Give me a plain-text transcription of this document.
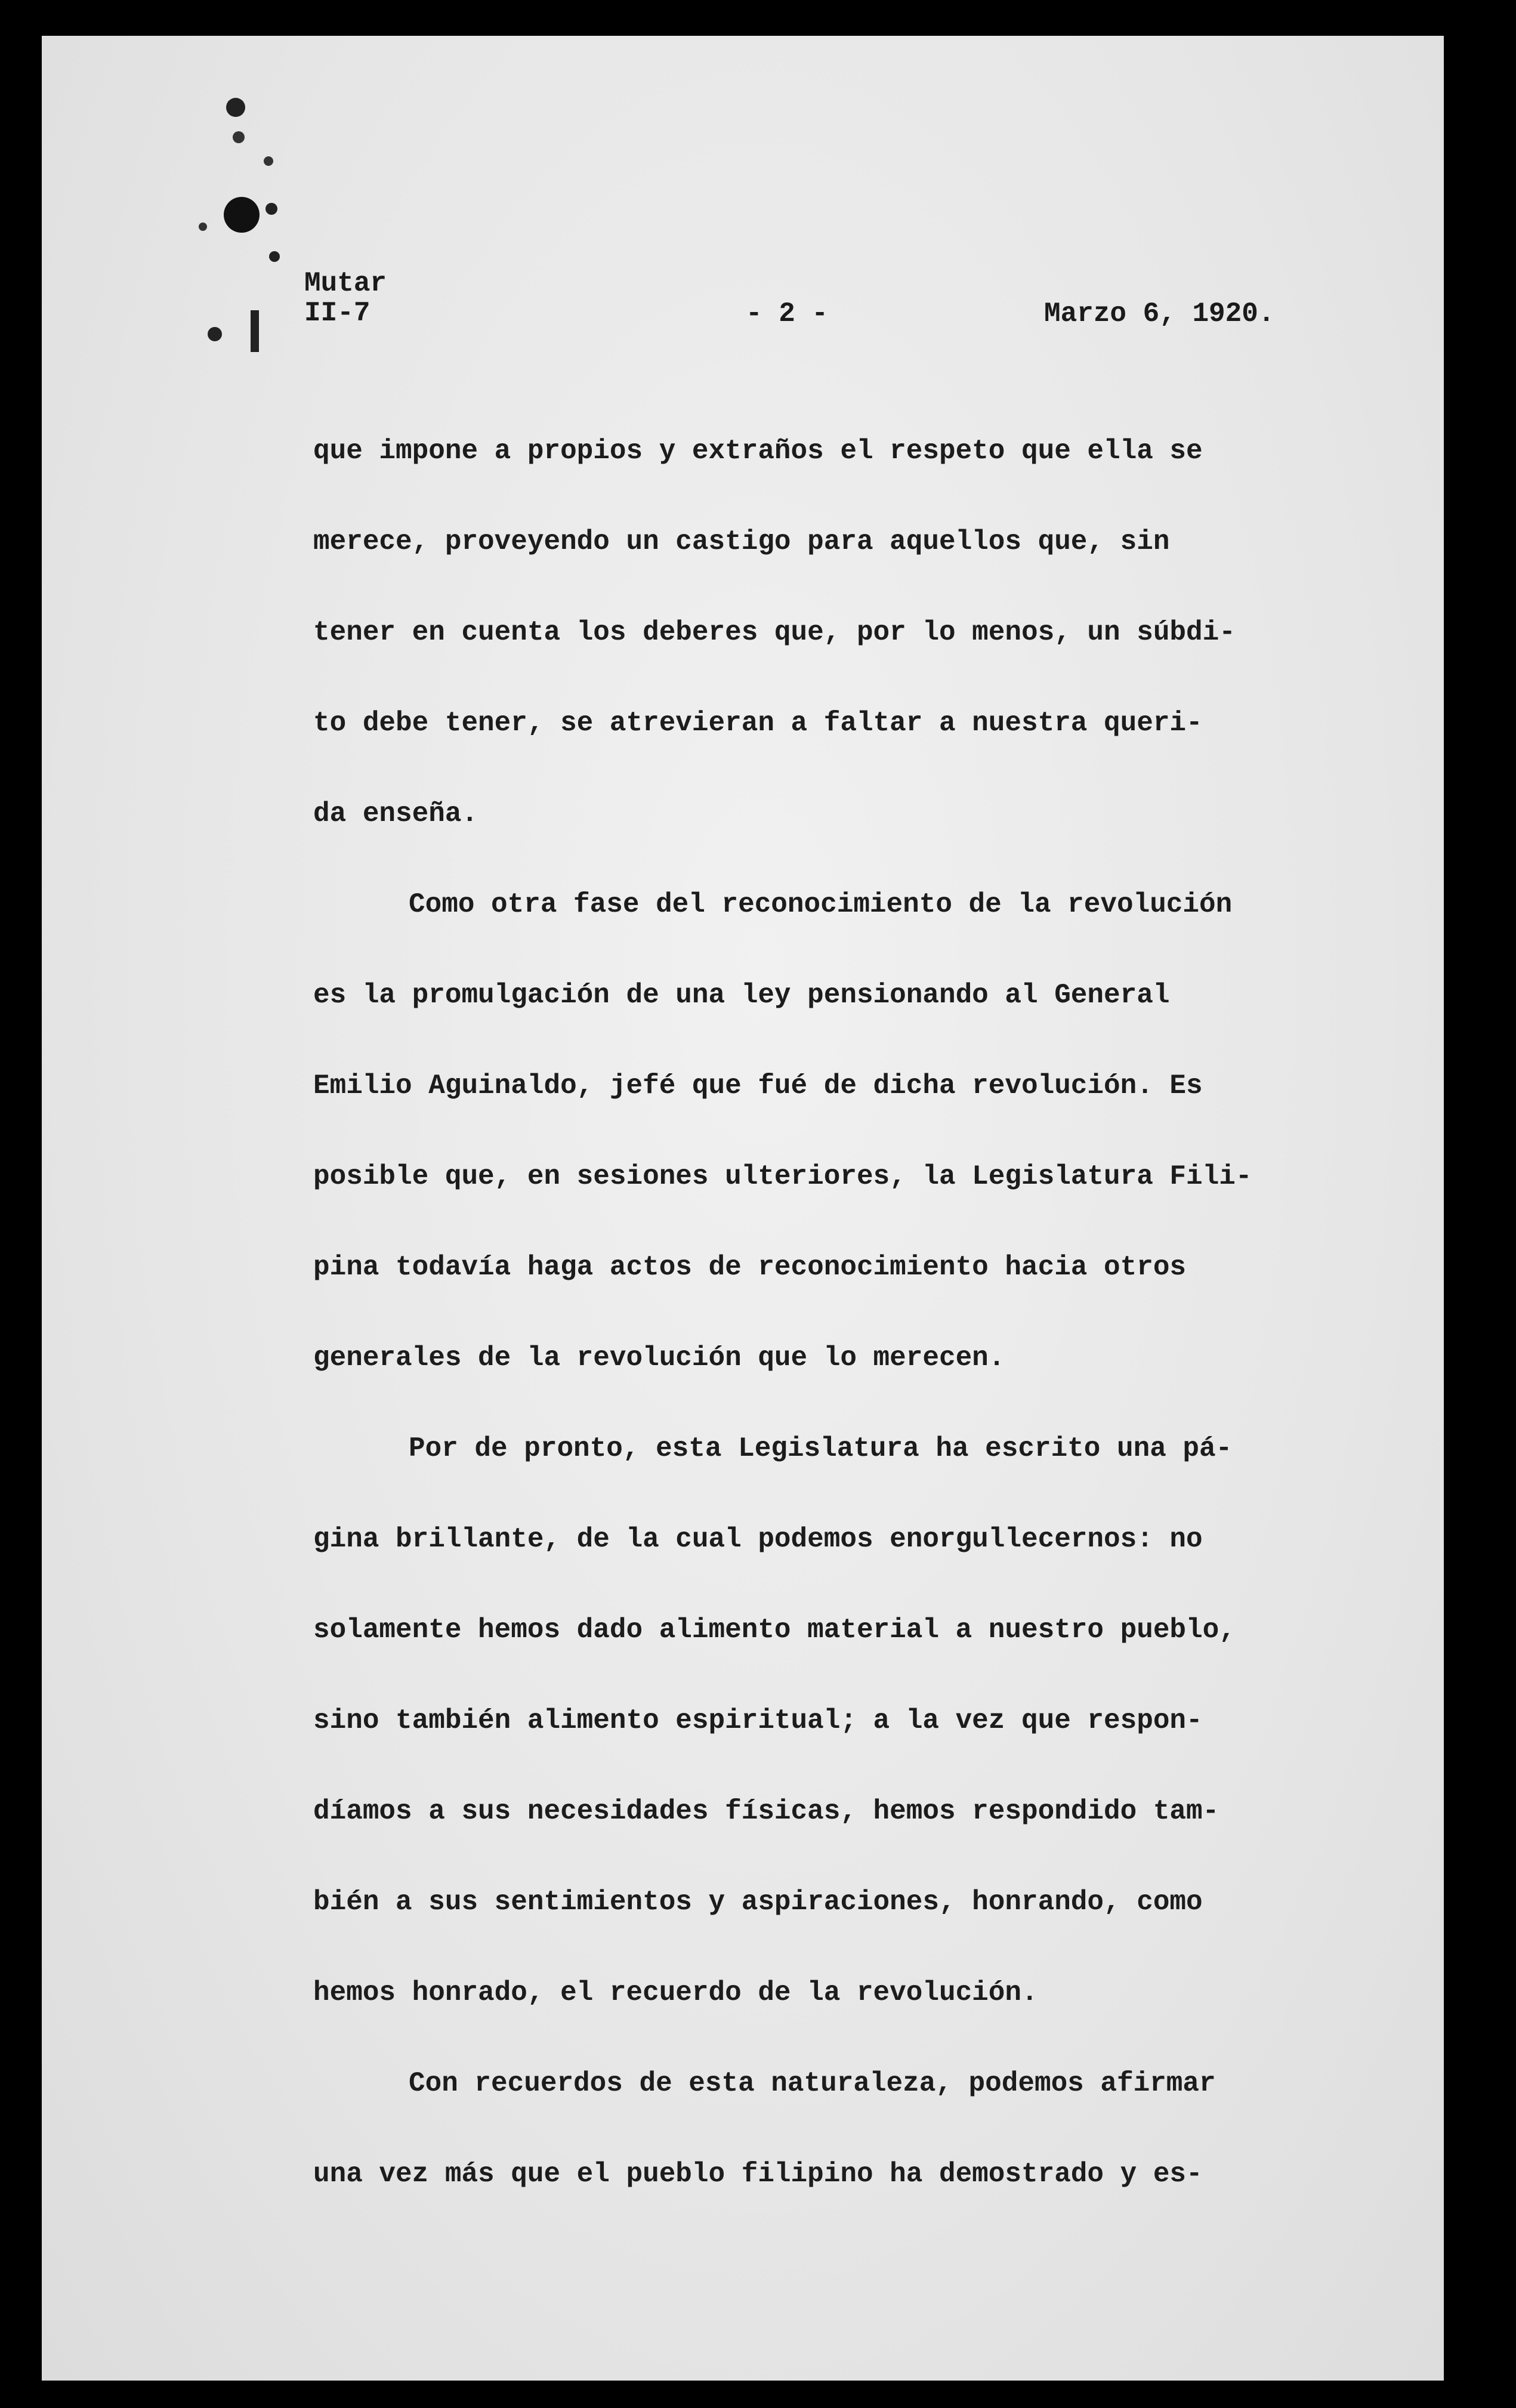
Mutar
II-7	- 2 -	Marzo 6, 1920.
que impone a propios y extraños el respeto que ella se
merece, proveyendo un castigo para aquellos que, sin
tener en cuenta los deberes que, por lo menos, un súbdi-
to debe tener, se atrevieran a faltar a nuestra queri-
da enseña.
Como otra fase del reconocimiento de la revolución
es la promulgación de una ley pensionando al General
Emilio Aguinaldo, jefé que fué de dicha revolución. Es
posible que, en sesiones ulteriores, la Legislatura Fili-
pina todavía haga actos de reconocimiento hacia otros
generales de la revolución que lo merecen.
Por de pronto, esta Legislatura ha escrito una pá-
gina brillante, de la cual podemos enorgullecernos: no
solamente hemos dado alimento material a nuestro pueblo,
sino también alimento espiritual; a la vez que respon-
díamos a sus necesidades físicas, hemos respondido tam-
bién a sus sentimientos y aspiraciones, honrando, como
hemos honrado, el recuerdo de la revolución.
Con recuerdos de esta naturaleza, podemos afirmar
una vez más que el pueblo filipino ha demostrado y es-
